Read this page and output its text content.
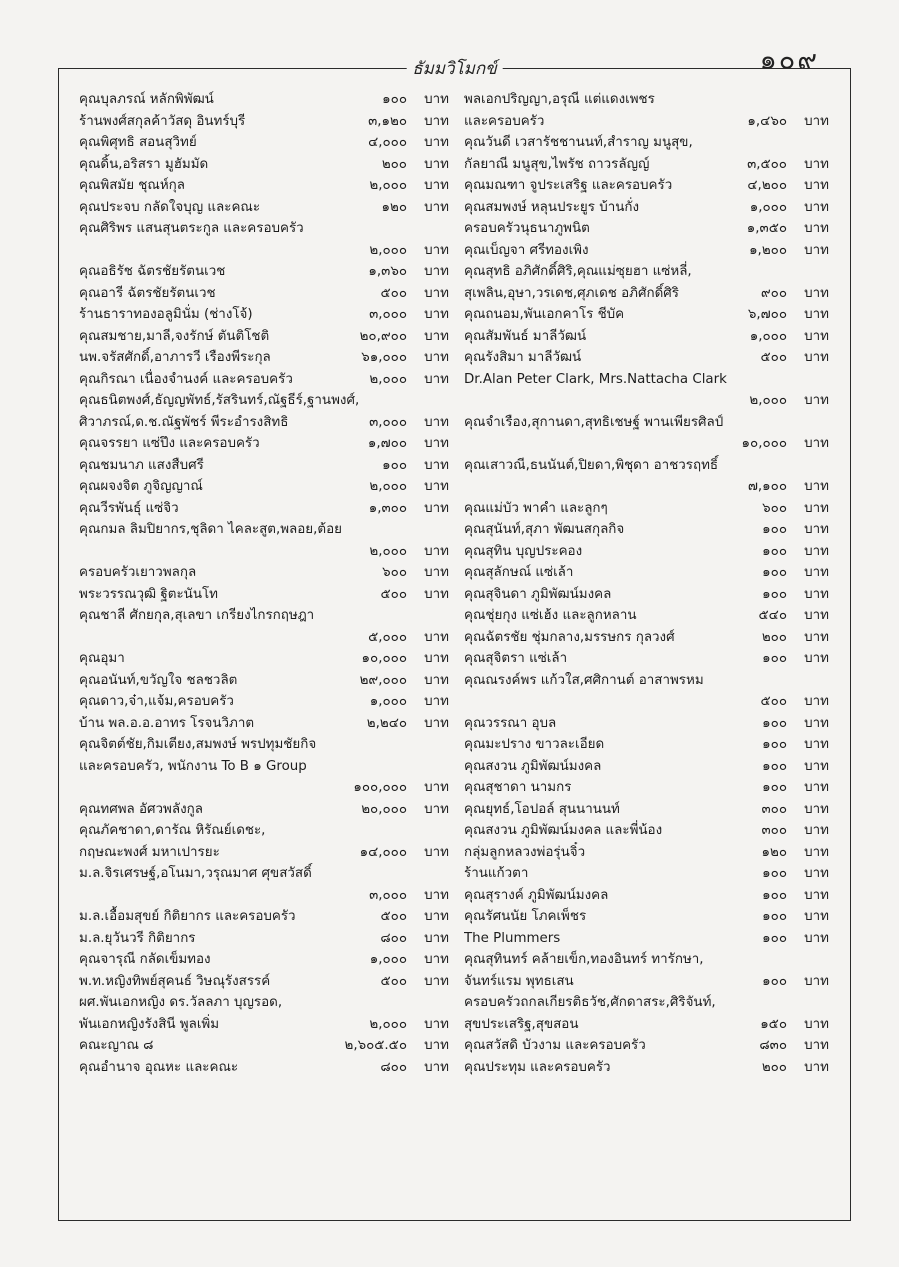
๑๐๙
ธัมมวิโมกข์
คุณบุลภรณ์ หลักพิพัฒน์	๑๐๐	บาท
ร้านพงศ์สกุลค้าวัสดุ อินทร์บุรี	๓,๑๒๐	บาท
คุณพิศุทธิ สอนสุวิทย์	๔,๐๐๐	บาท
คุณดิ้น,อริสรา มูฮัมมัด	๒๐๐	บาท
คุณพิสมัย ชุณห์กุล	๒,๐๐๐	บาท
คุณประจบ กลัดใจบุญ และคณะ	๑๒๐	บาท
คุณศิริพร แสนสุนตระกูล และครอบครัว
๒,๐๐๐	บาท
คุณอธิรัช ฉัตรชัยรัตนเวช	๑,๓๖๐	บาท
คุณอารี ฉัตรชัยรัตนเวช	๕๐๐	บาท
ร้านธาราทองอลูมินั่ม (ช่างโจ้)	๓,๐๐๐	บาท
คุณสมชาย,มาลี,จงรักษ์ ตันติโชติ	๒๐,๙๐๐	บาท
นพ.จรัสศักดิ์,อาภารวี เรืองพีระกุล	๖๑,๐๐๐	บาท
คุณกิรณา เนื่องจำนงค์ และครอบครัว	๒,๐๐๐	บาท
คุณธนิตพงศ์,ธัญญพัทธ์,รัสรินทร์,ณัฐธีร์,ฐานพงศ์,
ศิวาภรณ์,ด.ช.ณัฐพัชร์ พีระอำรงสิทธิ	๓,๐๐๐	บาท
คุณจรรยา แซ่ปึง และครอบครัว	๑,๗๐๐	บาท
คุณชมนาภ แสงสืบศรี	๑๐๐	บาท
คุณผจงจิต ภูจิญญาณ์	๒,๐๐๐	บาท
คุณวีรพันธุ์ แซ่จิว	๑,๓๐๐	บาท
คุณกมล ลิมปิยากร,ชุลิดา ไคละสูต,พลอย,ต้อย
๒,๐๐๐	บาท
ครอบครัวเยาวพลกุล	๖๐๐	บาท
พระวรรณวุฒิ ฐิตะนันโท	๕๐๐	บาท
คุณชาลี ศักยกุล,สุเลขา เกรียงไกรกฤษฎา
๕,๐๐๐	บาท
คุณอุมา	๑๐,๐๐๐	บาท
คุณอนันท์,ขวัญใจ ชลชวลิต	๒๙,๐๐๐	บาท
คุณดาว,จ๋า,แจ้ม,ครอบครัว	๑,๐๐๐	บาท
บ้าน พล.อ.อ.อาทร โรจนวิภาต	๒,๒๔๐	บาท
คุณจิตต์ชัย,กิมเตียง,สมพงษ์ พรปทุมชัยกิจ
และครอบครัว, พนักงาน To B ๑ Group
๑๐๐,๐๐๐	บาท
คุณทศพล อัศวพลังกูล	๒๐,๐๐๐	บาท
คุณภัคชาดา,ดารัณ หิรัณย์เดชะ,
กฤษณะพงศ์ มหาเปารยะ	๑๔,๐๐๐	บาท
ม.ล.จิรเศรษฐ์,อโนมา,วรุณมาศ ศุขสวัสดิ์
๓,๐๐๐	บาท
ม.ล.เอื้อมสุขย์ กิติยากร และครอบครัว	๕๐๐	บาท
ม.ล.ยุวันวรี กิติยากร	๘๐๐	บาท
คุณจารุณี กลัดเข็มทอง	๑,๐๐๐	บาท
พ.ท.หญิงทิพย์สุคนธ์ วิษณุรังสรรค์	๕๐๐	บาท
ผศ.พันเอกหญิง ดร.วัลลภา บุญรอด,
พันเอกหญิงรังสินี พูลเพิ่ม	๒,๐๐๐	บาท
คณะญาณ ๘	๒,๖๐๕.๕๐	บาท
คุณอำนาจ อุณหะ และคณะ	๘๐๐	บาท
พลเอกปริญญา,อรุณี แต่แดงเพชร
และครอบครัว	๑,๔๖๐	บาท
คุณวันดี เวสารัชชานนท์,สำราญ มนูสุข,
กัลยาณี มนูสุข,ไพรัช ถาวรลัญญ์	๓,๕๐๐	บาท
คุณมณฑา จูประเสริฐ และครอบครัว	๔,๒๐๐	บาท
คุณสมพงษ์ หลุนประยูร บ้านกั่ง	๑,๐๐๐	บาท
ครอบครัวนุธนาภูพนิต	๑,๓๕๐	บาท
คุณเบ็ญจา ศรีทองเพิง	๑,๒๐๐	บาท
คุณสุทธิ อภิศักดิ์ศิริ,คุณแม่ซุยฮา แซ่หลี่,
สุเพลิน,อุษา,วรเดช,ศุภเดช อภิศักดิ์ศิริ	๙๐๐	บาท
คุณถนอม,พันเอกคาโร ชีบัค	๖,๗๐๐	บาท
คุณสัมพันธ์ มาลีวัฒน์	๑,๐๐๐	บาท
คุณรังสิมา มาลีวัฒน์	๕๐๐	บาท
Dr.Alan Peter Clark, Mrs.Nattacha Clark
๒,๐๐๐	บาท
คุณจำเรือง,สุกานดา,สุทธิเชษฐ์ พานเพียรศิลป์
๑๐,๐๐๐	บาท
คุณเสาวณี,ธนนันต์,ปิยดา,พิชุดา อาชวรฤทธิ์
๗,๑๐๐	บาท
คุณแม่บัว พาคำ และลูกๆ	๖๐๐	บาท
คุณสุนันท์,สุภา พัฒนสกุลกิจ	๑๐๐	บาท
คุณสุทิน บุญประคอง	๑๐๐	บาท
คุณสุลักษณ์ แซ่เล้า	๑๐๐	บาท
คุณสุจินดา ภูมิพัฒน์มงคล	๑๐๐	บาท
คุณชุ่ยกุง แซ่เฮ้ง และลูกหลาน	๕๔๐	บาท
คุณฉัตรชัย ชุ่มกลาง,มรรษกร กุลวงศ์	๒๐๐	บาท
คุณสุจิตรา แซ่เล้า	๑๐๐	บาท
คุณณรงค์พร แก้วใส,ศศิกานต์ อาสาพรหม
๕๐๐	บาท
คุณวรรณา อุบล	๑๐๐	บาท
คุณมะปราง ขาวละเอียด	๑๐๐	บาท
คุณสงวน ภูมิพัฒน์มงคล	๑๐๐	บาท
คุณสุชาดา นามกร	๑๐๐	บาท
คุณยุทธ์,โอปอล์ สุนนานนท์	๓๐๐	บาท
คุณสงวน ภูมิพัฒน์มงคล และพี่น้อง	๓๐๐	บาท
กลุ่มลูกหลวงพ่อรุ่นจิ๋ว	๑๒๐	บาท
ร้านแก้วตา	๑๐๐	บาท
คุณสุรางค์ ภูมิพัฒน์มงคล	๑๐๐	บาท
คุณรัศนนัย โภคเพ็ชร	๑๐๐	บาท
The Plummers	๑๐๐	บาท
คุณสุทินทร์ คล้ายเข็ก,ทองอินทร์ ทารักษา,
จันทร์แรม พุทธเสน	๑๐๐	บาท
ครอบครัวถกลเกียรติธวัช,ศักดาสระ,ศิริจันท์,
สุขประเสริฐ,สุขสอน	๑๕๐	บาท
คุณสวัสดิ บัวงาม และครอบครัว	๘๓๐	บาท
คุณประทุม และครอบครัว	๒๐๐	บาท
